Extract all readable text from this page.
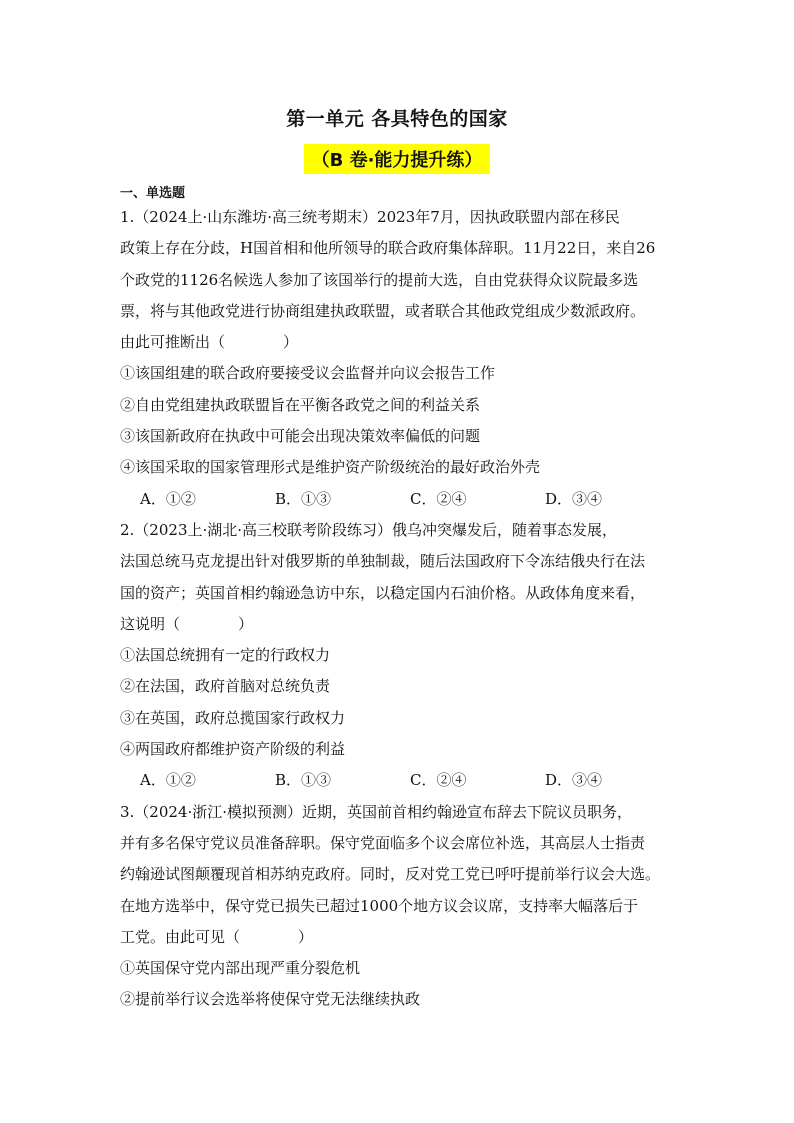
第一单元 各具特色的国家
（B 卷·能力提升练）
一、单选题
1.（2024上·山东潍坊·高三统考期末）2023年7月，因执政联盟内部在移民
政策上存在分歧，H国首相和他所领导的联合政府集体辞职。11月22日，来自26
个政党的1126名候选人参加了该国举行的提前大选，自由党获得众议院最多选
票，将与其他政党进行协商组建执政联盟，或者联合其他政党组成少数派政府。
由此可推断出（	）
①该国组建的联合政府要接受议会监督并向议会报告工作
②自由党组建执政联盟旨在平衡各政党之间的利益关系
③该国新政府在执政中可能会出现决策效率偏低的问题
④该国采取的国家管理形式是维护资产阶级统治的最好政治外壳
A．①②	B．①③	C．②④	D．③④
2.（2023上·湖北·高三校联考阶段练习）俄乌冲突爆发后，随着事态发展，
法国总统马克龙提出针对俄罗斯的单独制裁，随后法国政府下令冻结俄央行在法
国的资产；英国首相约翰逊急访中东，以稳定国内石油价格。从政体角度来看，
这说明（	）
①法国总统拥有一定的行政权力
②在法国，政府首脑对总统负责
③在英国，政府总揽国家行政权力
④两国政府都维护资产阶级的利益
A．①②	B．①③	C．②④	D．③④
3.（2024·浙江·模拟预测）近期，英国前首相约翰逊宣布辞去下院议员职务，
并有多名保守党议员准备辞职。保守党面临多个议会席位补选，其高层人士指责
约翰逊试图颠覆现首相苏纳克政府。同时，反对党工党已呼吁提前举行议会大选。
在地方选举中，保守党已损失已超过1000个地方议会议席，支持率大幅落后于
工党。由此可见（	）
①英国保守党内部出现严重分裂危机
②提前举行议会选举将使保守党无法继续执政
